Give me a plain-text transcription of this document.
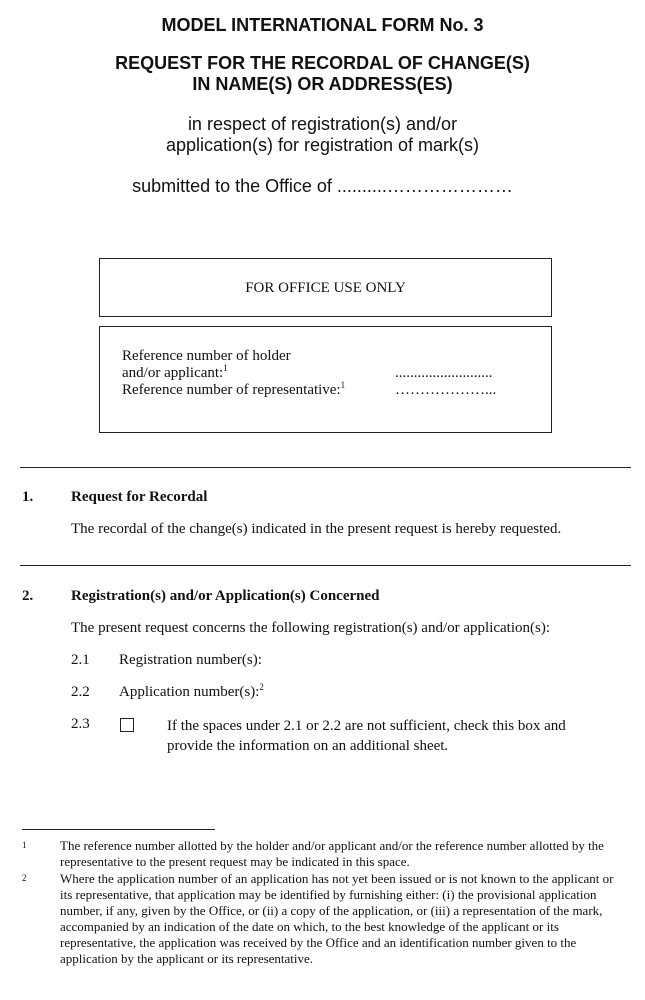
MODEL INTERNATIONAL FORM No. 3
REQUEST FOR THE RECORDAL OF CHANGE(S)
IN NAME(S) OR ADDRESS(ES)
in respect of registration(s) and/or
application(s) for registration of mark(s)
submitted to the Office of ..........…………………
FOR OFFICE USE ONLY
Reference number of holder
and/or applicant:$^1$	..........................
Reference number of representative:$^1$	………………...
1.	Request for Recordal
The recordal of the change(s) indicated in the present request is hereby requested.
2.	Registration(s) and/or Application(s) Concerned
The present request concerns the following registration(s) and/or application(s):
2.1 Registration number(s):
2.2 Application number(s):$^2$
2.3	If the spaces under 2.1 or 2.2 are not sufficient, check this box and provide the information on an additional sheet.
1	The reference number allotted by the holder and/or applicant and/or the reference number allotted by the representative to the present request may be indicated in this space.
2	Where the application number of an application has not yet been issued or is not known to the applicant or its representative, that application may be identified by furnishing either: (i) the provisional application number, if any, given by the Office, or (ii) a copy of the application, or (iii) a representation of the mark, accompanied by an indication of the date on which, to the best knowledge of the applicant or its representative, the application was received by the Office and an identification number given to the application by the applicant or its representative.
